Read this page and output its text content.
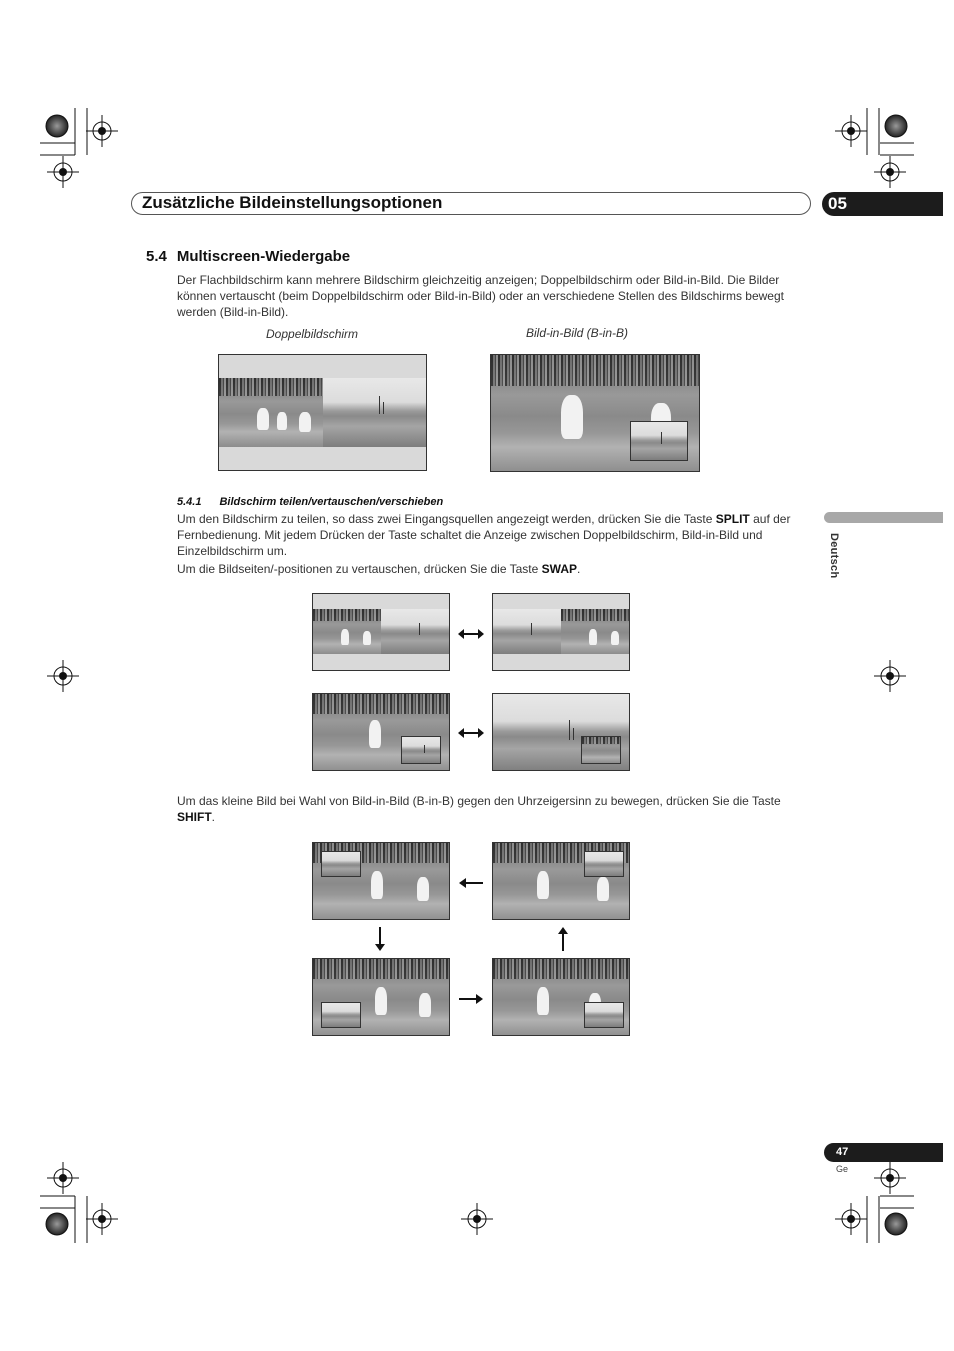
Zusätzliche Bildeinstellungsoptionen	05
Deutsch
5.4 Multiscreen-Wiedergabe
Der Flachbildschirm kann mehrere Bildschirm gleichzeitig anzeigen; Doppelbildschirm oder Bild-in-Bild. Die Bilder können vertauscht (beim Doppelbildschirm oder Bild-in-Bild) oder an verschiedene Stellen des Bildschirms bewegt werden (Bild-in-Bild).
Doppelbildschirm	Bild-in-Bild (B-in-B)
5.4.1 Bildschirm teilen/vertauschen/verschieben
Um den Bildschirm zu teilen, so dass zwei Eingangsquellen angezeigt werden, drücken Sie die Taste SPLIT auf der Fernbedienung. Mit jedem Drücken der Taste schaltet die Anzeige zwischen Doppelbildschirm, Bild-in-Bild und Einzelbildschirm um.
Um die Bildseiten/-positionen zu vertauschen, drücken Sie die Taste SWAP.
Um das kleine Bild bei Wahl von Bild-in-Bild (B-in-B) gegen den Uhrzeigersinn zu bewegen, drücken Sie die Taste SHIFT.
47
Ge
